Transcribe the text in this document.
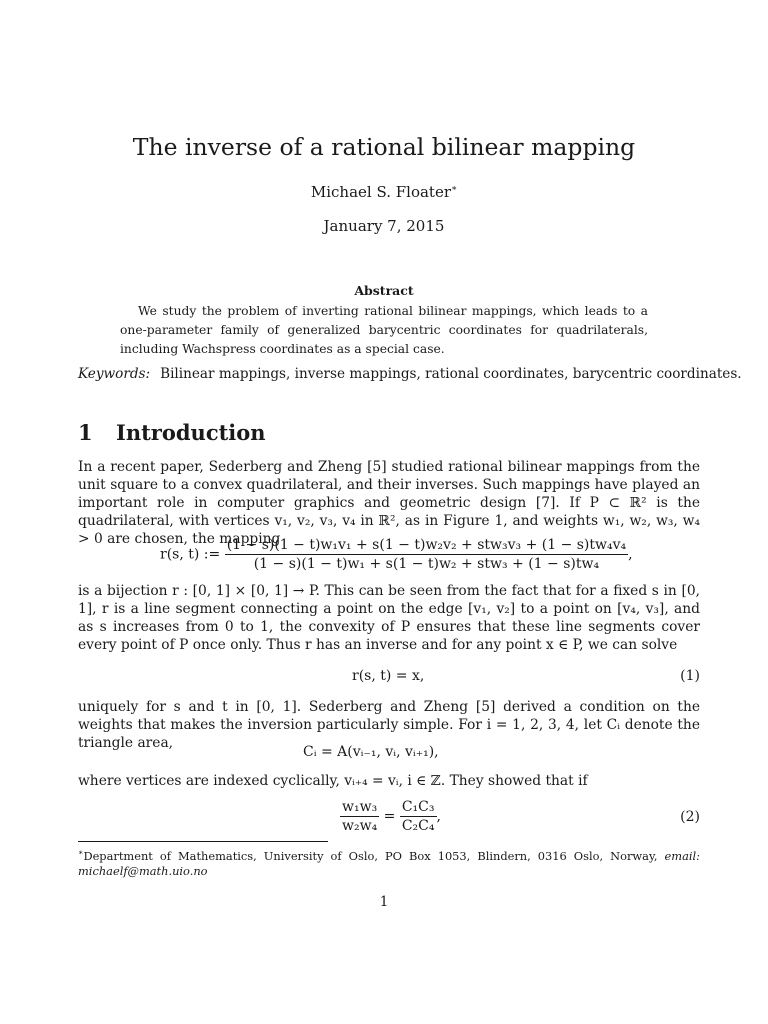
The inverse of a rational bilinear mapping
Michael S. Floater∗
January 7, 2015
Abstract
We study the problem of inverting rational bilinear mappings, which leads to a one-parameter family of generalized barycentric coordinates for quadrilaterals, including Wachspress coordinates as a special case.
Keywords: Bilinear mappings, inverse mappings, rational coordinates, barycentric coordinates.
1 Introduction
In a recent paper, Sederberg and Zheng [5] studied rational bilinear mappings from the unit square to a convex quadrilateral, and their inverses. Such mappings have played an important role in computer graphics and geometric design [7]. If P ⊂ ℝ² is the quadrilateral, with vertices v₁, v₂, v₃, v₄ in ℝ², as in Figure 1, and weights w₁, w₂, w₃, w₄ > 0 are chosen, the mapping
r(s, t) := $\frac{\text{(1 − s)(1 − t)w₁v₁ + s(1 − t)w₂v₂ + stw₃v₃ + (1 − s)tw₄v₄}}{\text{(1 − s)(1 − t)w₁ + s(1 − t)w₂ + stw₃ + (1 − s)tw₄}}$ ,
is a bijection r : [0, 1] × [0, 1] → P. This can be seen from the fact that for a fixed s in [0, 1], r is a line segment connecting a point on the edge [v₁, v₂] to a point on [v₄, v₃], and as s increases from 0 to 1, the convexity of P ensures that these line segments cover every point of P once only. Thus r has an inverse and for any point x ∈ P, we can solve
r(s, t) = x,	(1)
uniquely for s and t in [0, 1]. Sederberg and Zheng [5] derived a condition on the weights that makes the inversion particularly simple. For i = 1, 2, 3, 4, let Cᵢ denote the triangle area,
Cᵢ = A(vᵢ₋₁, vᵢ, vᵢ₊₁),
where vertices are indexed cyclically, vᵢ₊₄ = vᵢ, i ∈ ℤ. They showed that if
$\frac{\text{w₁w₃}}{\text{w₂w₄}} = \frac{\text{C₁C₃}}{\text{C₂C₄}}$ ,	(2)
∗Department of Mathematics, University of Oslo, PO Box 1053, Blindern, 0316 Oslo, Norway, email: michaelf@math.uio.no
1
